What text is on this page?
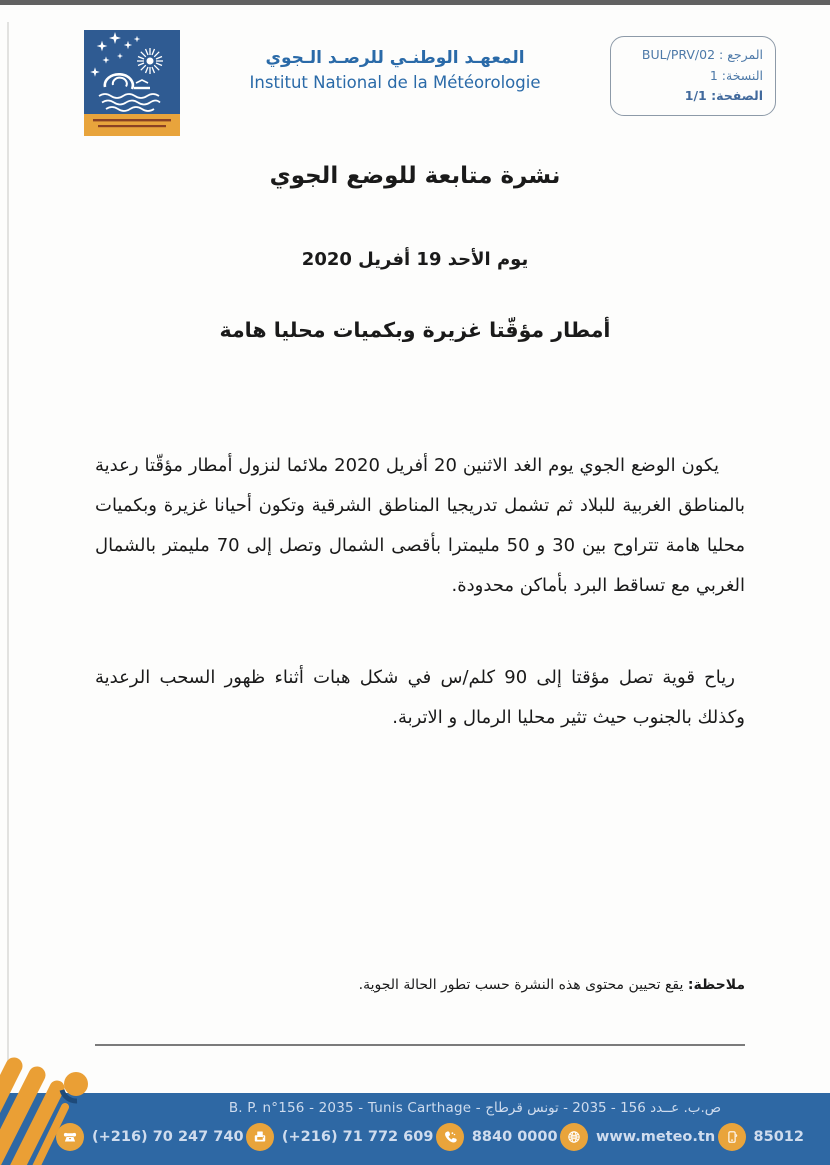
المعهـد الوطنـي للرصـد الـجوي
Institut National de la Météorologie
المرجع : BUL/PRV/02
النسخة: 1
الصفحة: 1/1
نشرة متابعة للوضع الجوي
يوم الأحد 19 أفريل 2020
أمطار مؤقّتا غزيرة وبكميات محليا هامة

يكون الوضع الجوي يوم الغد الاثنين 20 أفريل 2020 ملائما لنزول أمطار مؤقّتا رعدية بالمناطق الغربية للبلاد ثم تشمل تدريجيا المناطق الشرقية وتكون أحيانا غزيرة وبكميات محليا هامة تتراوح بين 30 و 50 مليمترا بأقصى الشمال وتصل إلى 70 مليمتر بالشمال الغربي مع تساقط البرد بأماكن محدودة.

رياح قوية تصل مؤقتا إلى 90 كلم/س في شكل هبات أثناء ظهور السحب الرعدية وكذلك بالجنوب حيث تثير محليا الرمال و الاتربة.

ملاحظة: يقع تحيين محتوى هذه النشرة حسب تطور الحالة الجوية.
B. P. n°156 - 2035 - Tunis Carthage - ص.ب. عــدد 156 - 2035 - تونس قرطاج
(+216) 70 247 740	(+216) 71 772 609	8840 0000	www.meteo.tn	85012
